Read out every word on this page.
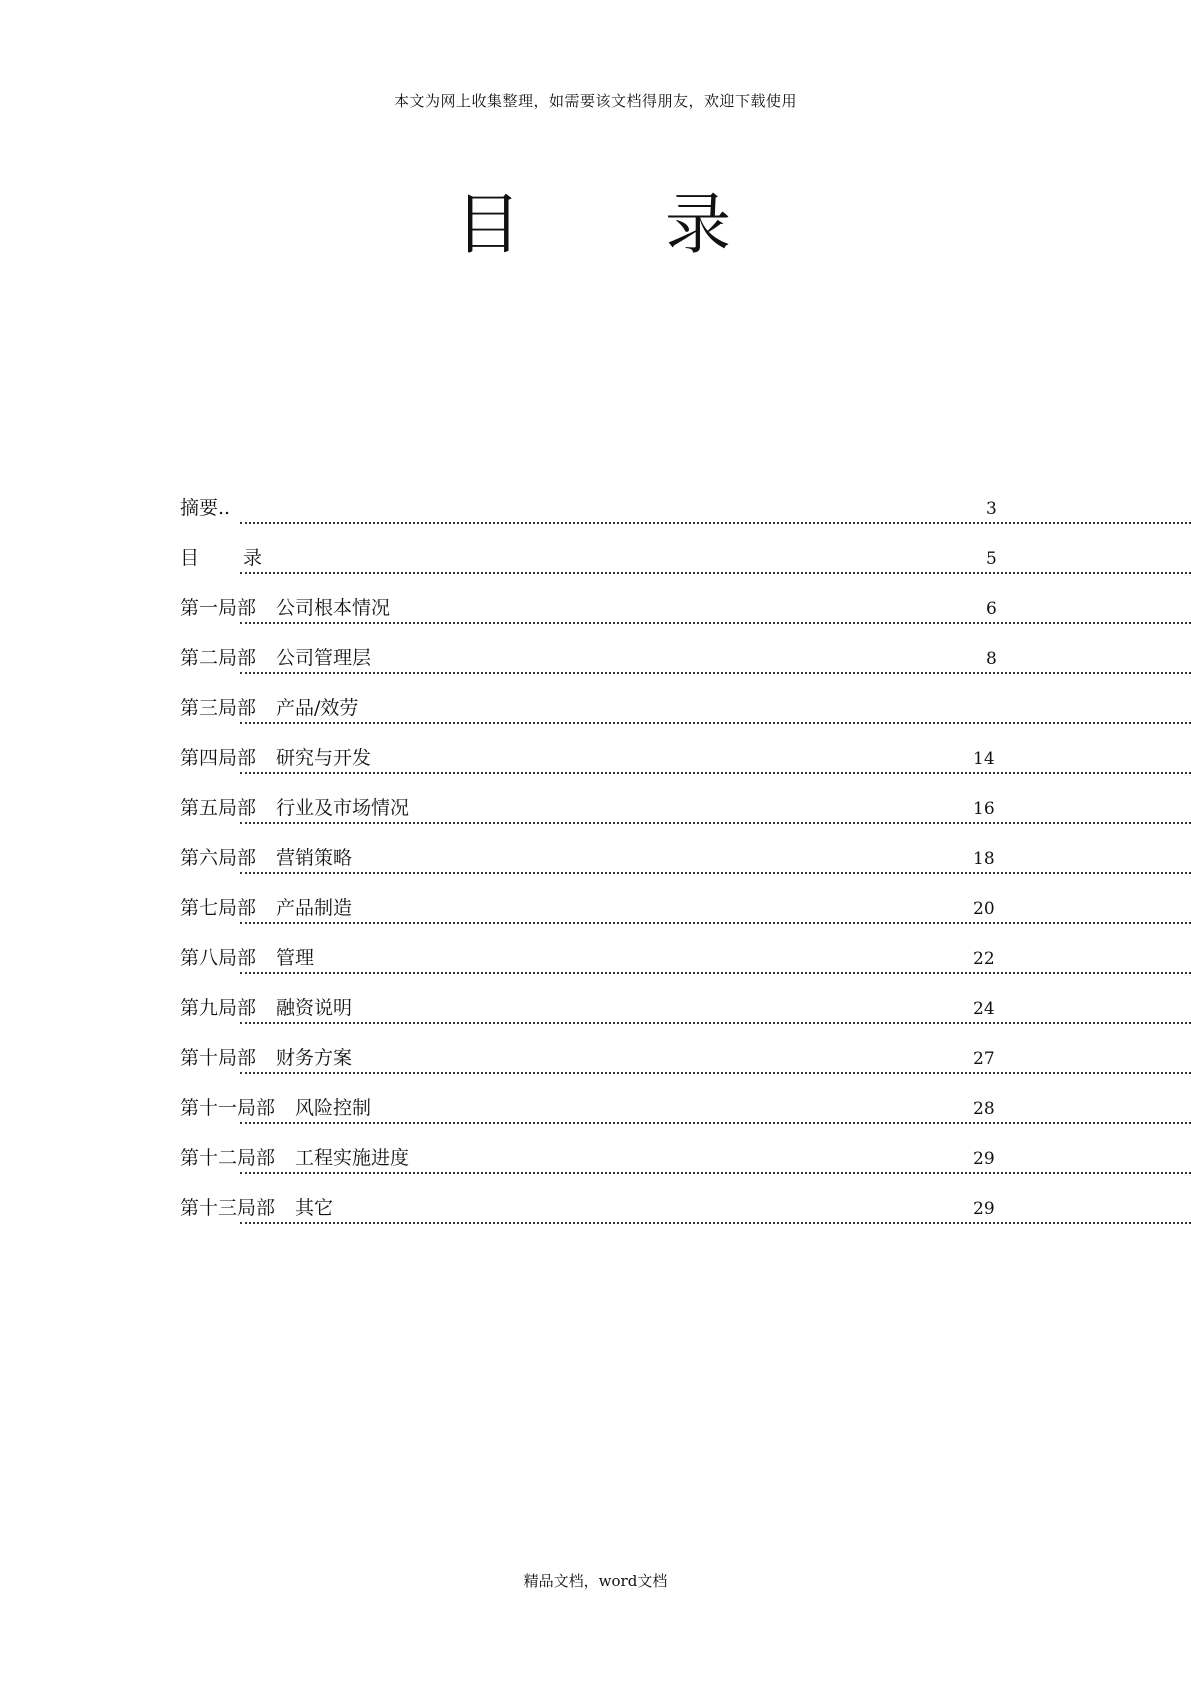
本文为网上收集整理，如需要该文档得朋友，欢迎下载使用
目 录
摘要..	3
目 录	5
第一局部 公司根本情况	6
第二局部 公司管理层	8
第三局部 产品/效劳
第四局部 研究与开发	14
第五局部 行业及市场情况	16
第六局部 营销策略	18
第七局部 产品制造	20
第八局部 管理	22
第九局部 融资说明	24
第十局部 财务方案	27
第十一局部 风险控制	28
第十二局部 工程实施进度	29
第十三局部 其它	29
精品文档，word文档
